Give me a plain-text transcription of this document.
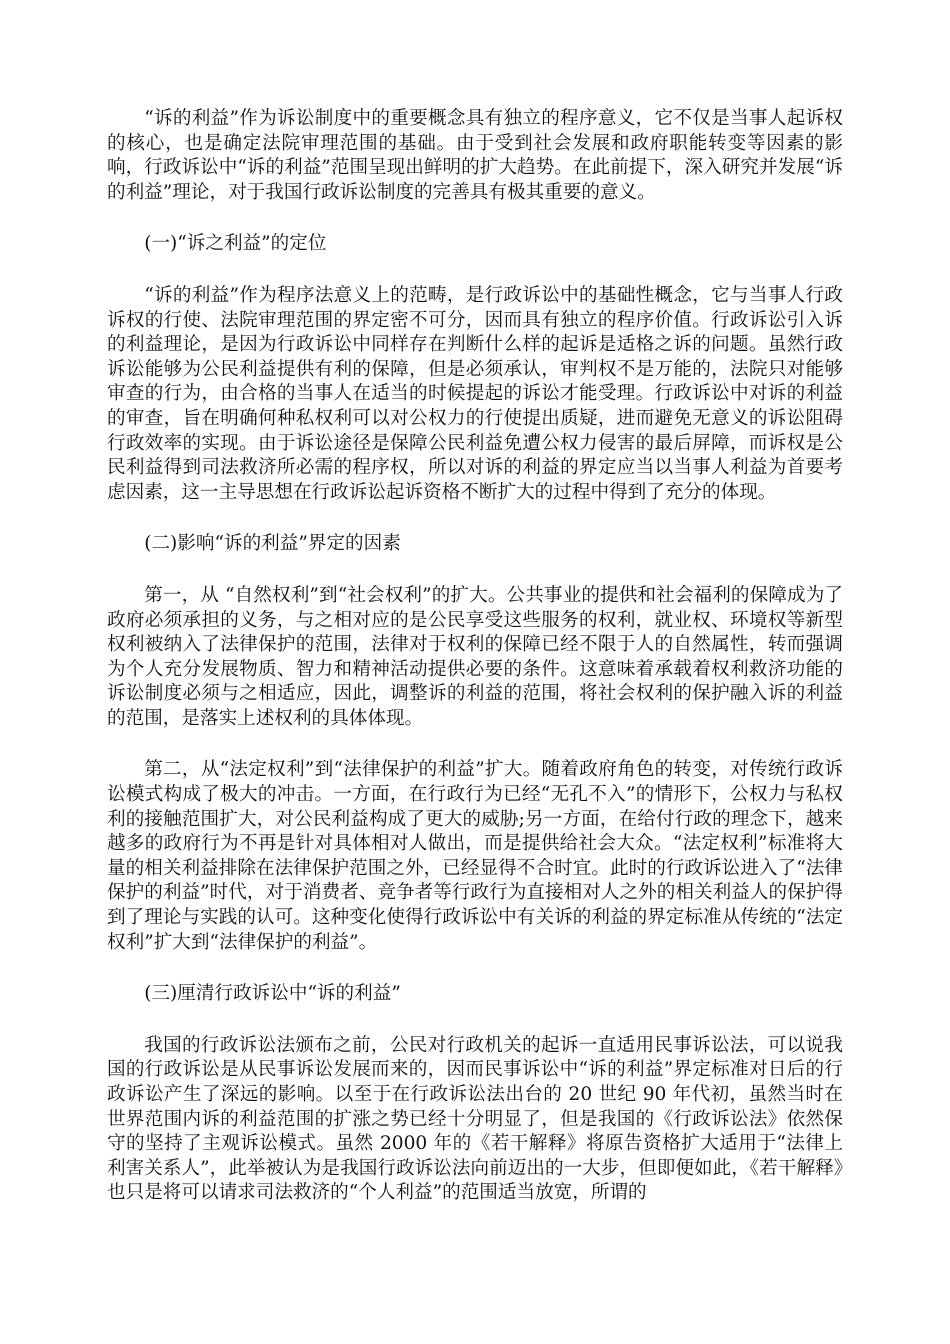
“诉的利益”作为诉讼制度中的重要概念具有独立的程序意义，它不仅是当事人起诉权的核心，也是确定法院审理范围的基础。由于受到社会发展和政府职能转变等因素的影响，行政诉讼中“诉的利益”范围呈现出鲜明的扩大趋势。在此前提下，深入研究并发展“诉的利益”理论，对于我国行政诉讼制度的完善具有极其重要的意义。

(一)“诉之利益”的定位

“诉的利益”作为程序法意义上的范畴，是行政诉讼中的基础性概念，它与当事人行政诉权的行使、法院审理范围的界定密不可分，因而具有独立的程序价值。行政诉讼引入诉的利益理论，是因为行政诉讼中同样存在判断什么样的起诉是适格之诉的问题。虽然行政诉讼能够为公民利益提供有利的保障，但是必须承认，审判权不是万能的，法院只对能够审查的行为，由合格的当事人在适当的时候提起的诉讼才能受理。行政诉讼中对诉的利益的审查，旨在明确何种私权利可以对公权力的行使提出质疑，进而避免无意义的诉讼阻碍行政效率的实现。由于诉讼途径是保障公民利益免遭公权力侵害的最后屏障，而诉权是公民利益得到司法救济所必需的程序权，所以对诉的利益的界定应当以当事人利益为首要考虑因素，这一主导思想在行政诉讼起诉资格不断扩大的过程中得到了充分的体现。

(二)影响“诉的利益”界定的因素

第一，从 “自然权利”到“社会权利”的扩大。公共事业的提供和社会福利的保障成为了政府必须承担的义务，与之相对应的是公民享受这些服务的权利，就业权、环境权等新型权利被纳入了法律保护的范围，法律对于权利的保障已经不限于人的自然属性，转而强调为个人充分发展物质、智力和精神活动提供必要的条件。这意味着承载着权利救济功能的诉讼制度必须与之相适应，因此，调整诉的利益的范围，将社会权利的保护融入诉的利益的范围，是落实上述权利的具体体现。

第二，从“法定权利”到“法律保护的利益”扩大。随着政府角色的转变，对传统行政诉讼模式构成了极大的冲击。一方面，在行政行为已经“无孔不入”的情形下，公权力与私权利的接触范围扩大，对公民利益构成了更大的威胁;另一方面，在给付行政的理念下，越来越多的政府行为不再是针对具体相对人做出，而是提供给社会大众。“法定权利”标准将大量的相关利益排除在法律保护范围之外，已经显得不合时宜。此时的行政诉讼进入了“法律保护的利益”时代，对于消费者、竞争者等行政行为直接相对人之外的相关利益人的保护得到了理论与实践的认可。这种变化使得行政诉讼中有关诉的利益的界定标准从传统的“法定权利”扩大到“法律保护的利益”。

(三)厘清行政诉讼中“诉的利益”

我国的行政诉讼法颁布之前，公民对行政机关的起诉一直适用民事诉讼法，可以说我国的行政诉讼是从民事诉讼发展而来的，因而民事诉讼中“诉的利益”界定标准对日后的行政诉讼产生了深远的影响。以至于在行政诉讼法出台的 20 世纪 90 年代初，虽然当时在世界范围内诉的利益范围的扩涨之势已经十分明显了，但是我国的《行政诉讼法》依然保守的坚持了主观诉讼模式。虽然 2000 年的《若干解释》将原告资格扩大适用于“法律上利害关系人”，此举被认为是我国行政诉讼法向前迈出的一大步，但即便如此，《若干解释》也只是将可以请求司法救济的“个人利益”的范围适当放宽，所谓的
